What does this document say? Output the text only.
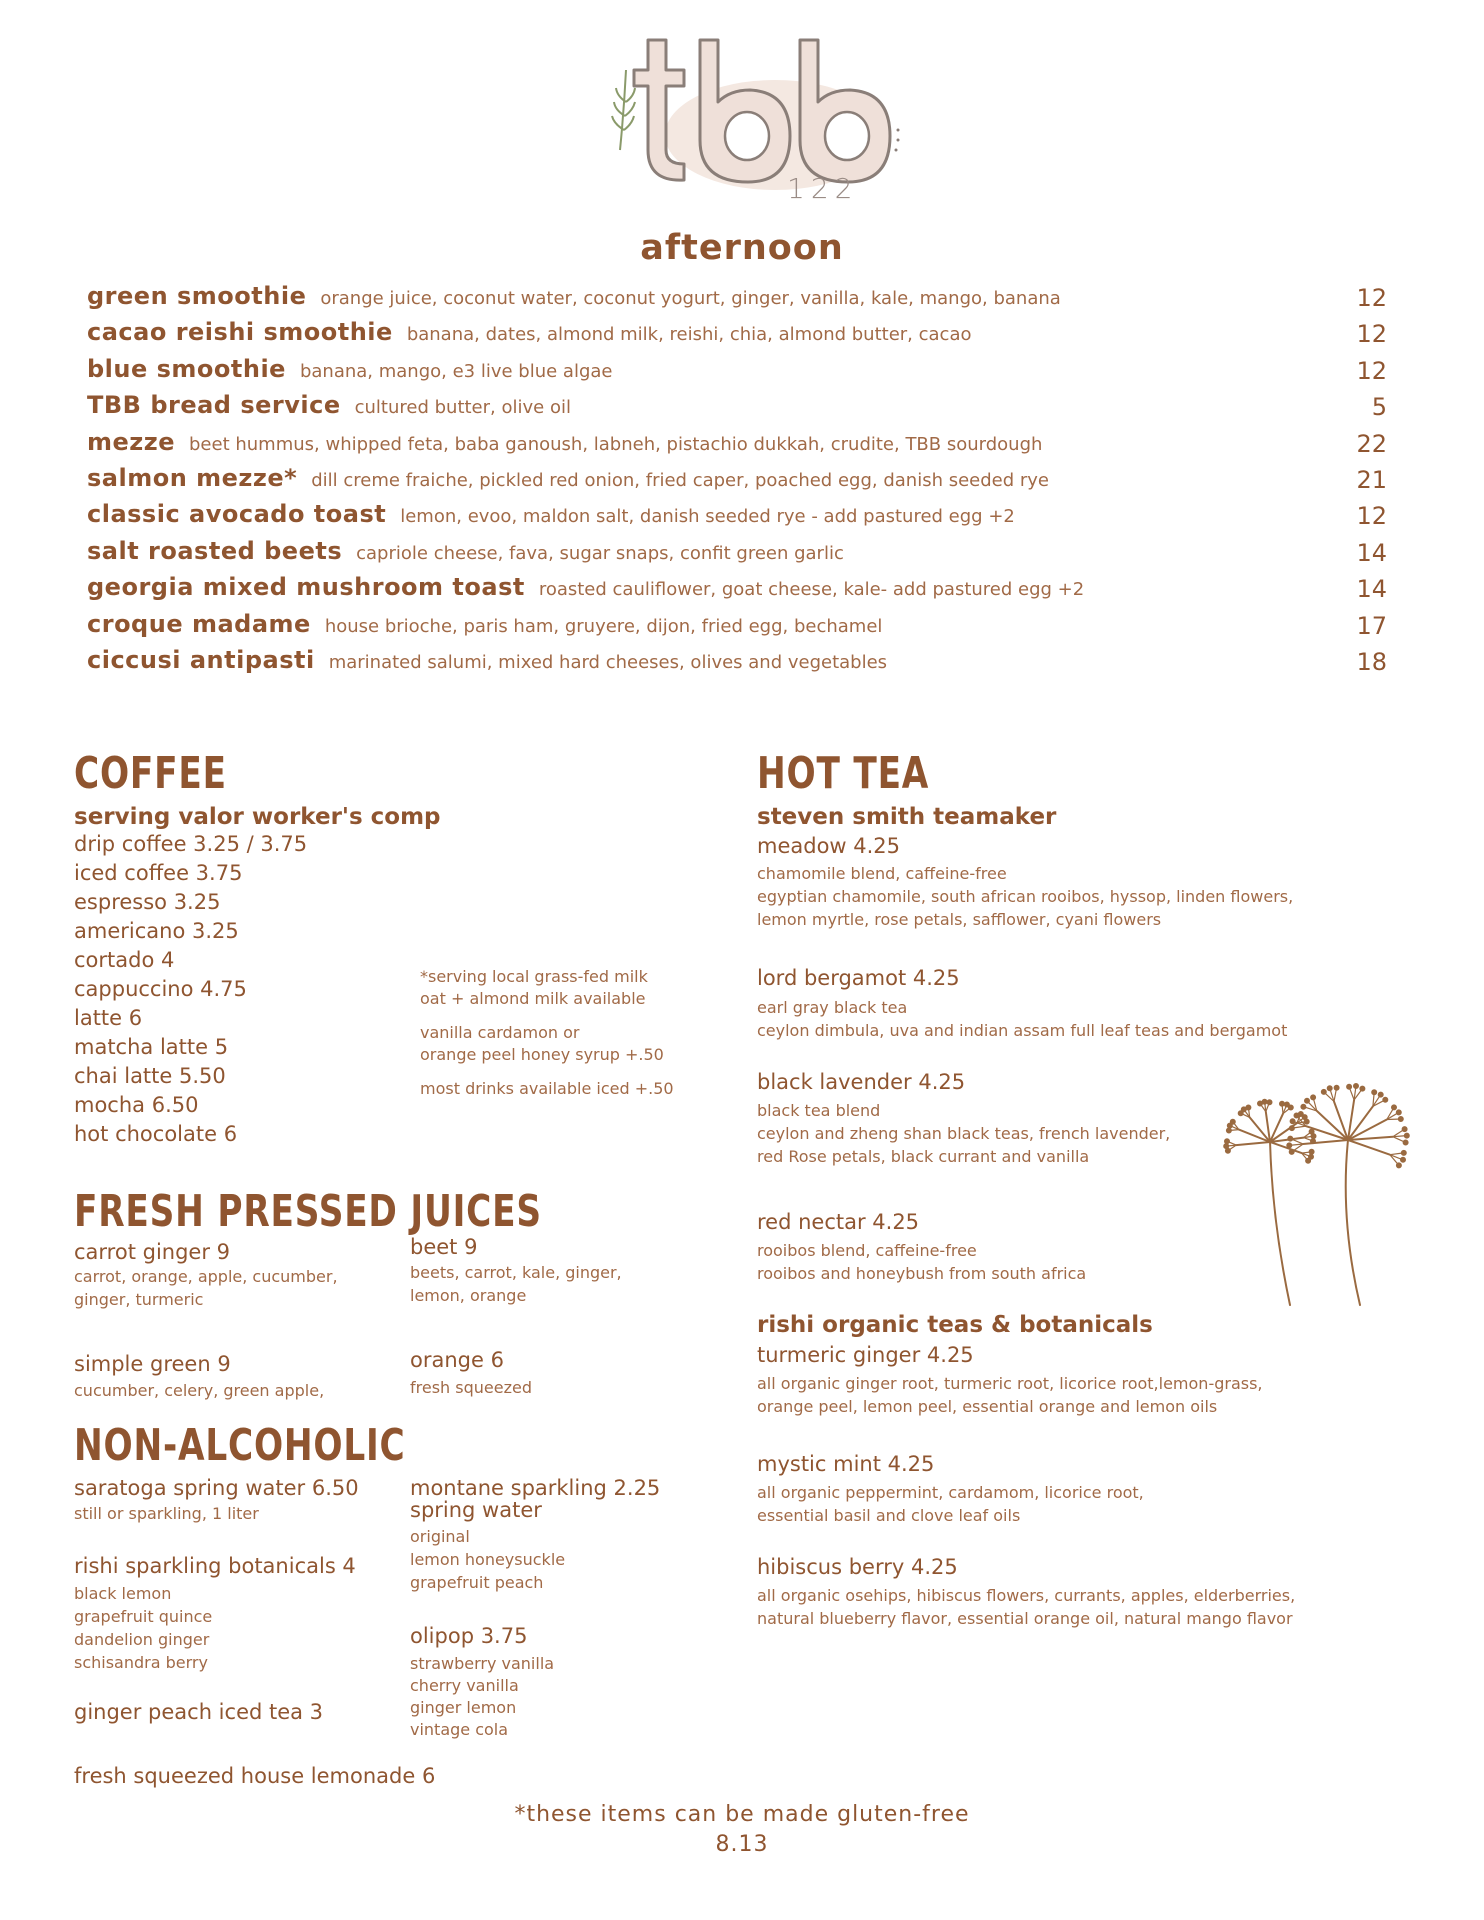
122
afternoon
green smoothie orange juice, coconut water, coconut yogurt, ginger, vanilla, kale, mango, banana	12
cacao reishi smoothie banana, dates, almond milk, reishi, chia, almond butter, cacao	12
blue smoothie banana, mango, e3 live blue algae	12
TBB bread service cultured butter, olive oil	5
mezze beet hummus, whipped feta, baba ganoush, labneh, pistachio dukkah, crudite, TBB sourdough	22
salmon mezze* dill creme fraiche, pickled red onion, fried caper, poached egg, danish seeded rye	21
classic avocado toast lemon, evoo, maldon salt, danish seeded rye - add pastured egg +2	12
salt roasted beets capriole cheese, fava, sugar snaps, confit green garlic	14
georgia mixed mushroom toast roasted cauliflower, goat cheese, kale- add pastured egg +2	14
croque madame house brioche, paris ham, gruyere, dijon, fried egg, bechamel	17
ciccusi antipasti marinated salumi, mixed hard cheeses, olives and vegetables	18
COFFEE
serving valor worker's comp
drip coffee 3.25 / 3.75
iced coffee 3.75
espresso 3.25
americano 3.25
cortado 4
cappuccino 4.75
latte 6
matcha latte 5
chai latte 5.50
mocha 6.50
hot chocolate 6
*serving local grass-fed milk
oat + almond milk available
vanilla cardamon or
orange peel honey syrup +.50
most drinks available iced +.50
FRESH PRESSED JUICES
carrot ginger 9
carrot, orange, apple, cucumber,
ginger, turmeric
beet 9
beets, carrot, kale, ginger,
lemon, orange
simple green 9
cucumber, celery, green apple,
orange 6
fresh squeezed
NON-ALCOHOLIC
saratoga spring water 6.50
still or sparkling, 1 liter
montane sparkling 2.25
spring water
original
lemon honeysuckle
grapefruit peach
rishi sparkling botanicals 4
black lemon
grapefruit quince
dandelion ginger
schisandra berry
olipop 3.75
strawberry vanilla
cherry vanilla
ginger lemon
vintage cola
ginger peach iced tea 3
fresh squeezed house lemonade 6
HOT TEA
steven smith teamaker
meadow 4.25
chamomile blend, caffeine-free
egyptian chamomile, south african rooibos, hyssop, linden flowers,
lemon myrtle, rose petals, safflower, cyani flowers
lord bergamot 4.25
earl gray black tea
ceylon dimbula, uva and indian assam full leaf teas and bergamot
black lavender 4.25
black tea blend
ceylon and zheng shan black teas, french lavender,
red Rose petals, black currant and vanilla
red nectar 4.25
rooibos blend, caffeine-free
rooibos and honeybush from south africa
rishi organic teas & botanicals
turmeric ginger 4.25
all organic ginger root, turmeric root, licorice root,lemon-grass,
orange peel, lemon peel, essential orange and lemon oils
mystic mint 4.25
all organic peppermint, cardamom, licorice root,
essential basil and clove leaf oils
hibiscus berry 4.25
all organic osehips, hibiscus flowers, currants, apples, elderberries,
natural blueberry flavor, essential orange oil, natural mango flavor
*these items can be made gluten-free
8.13
